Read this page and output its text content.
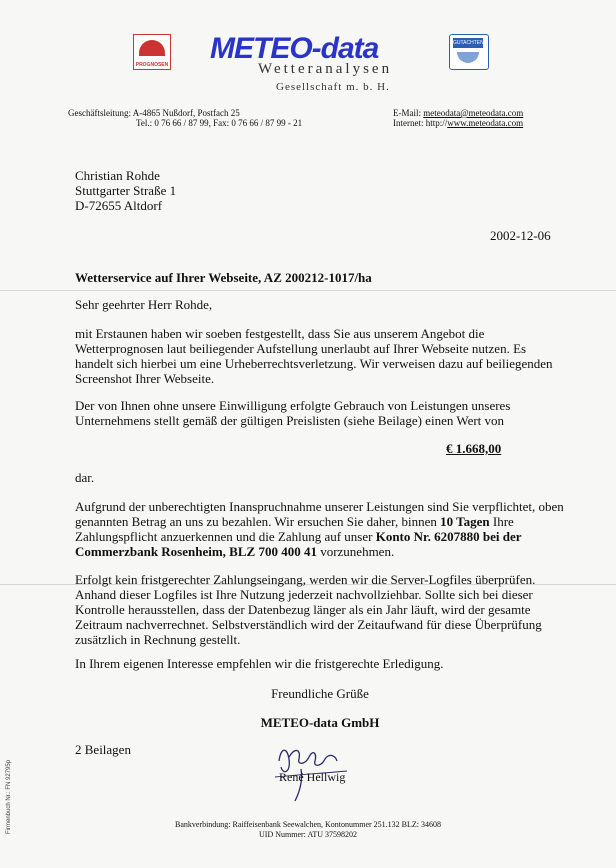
PROGNOSEN METEO-data
Wetteranalysen
Gesellschaft m. b. H.
GUTACHTEN
Geschäftsleitung: A-4865 Nußdorf, Postfach 25
Tel.: 0 76 66 / 87 99, Fax: 0 76 66 / 87 99 - 21
E-Mail: meteodata@meteodata.com
Internet: http://www.meteodata.com
Christian Rohde
Stuttgarter Straße 1
D-72655 Altdorf
2002-12-06
Wetterservice auf Ihrer Webseite, AZ 200212-1017/ha
Sehr geehrter Herr Rohde,
mit Erstaunen haben wir soeben festgestellt, dass Sie aus unserem Angebot die Wetterprognosen laut beiliegender Aufstellung unerlaubt auf Ihrer Webseite nutzen. Es handelt sich hierbei um eine Urheberrechtsverletzung. Wir verweisen dazu auf beiliegenden Screenshot Ihrer Webseite.
Der von Ihnen ohne unsere Einwilligung erfolgte Gebrauch von Leistungen unseres Unternehmens stellt gemäß der gültigen Preislisten (siehe Beilage) einen Wert von
€ 1.668,00
dar.
Aufgrund der unberechtigten Inanspruchnahme unserer Leistungen sind Sie verpflichtet, oben genannten Betrag an uns zu bezahlen. Wir ersuchen Sie daher, binnen 10 Tagen Ihre Zahlungspflicht anzuerkennen und die Zahlung auf unser Konto Nr. 6207880 bei der Commerzbank Rosenheim, BLZ 700 400 41 vorzunehmen.
Erfolgt kein fristgerechter Zahlungseingang, werden wir die Server-Logfiles überprüfen. Anhand dieser Logfiles ist Ihre Nutzung jederzeit nachvollziehbar. Sollte sich bei dieser Kontrolle herausstellen, dass der Datenbezug länger als ein Jahr läuft, wird der gesamte Zeitraum nachverrechnet. Selbstverständlich wird der Zeitaufwand für diese Überprüfung zusätzlich in Rechnung gestellt.
In Ihrem eigenen Interesse empfehlen wir die fristgerechte Erledigung.
Freundliche Grüße
METEO-data GmbH
2 Beilagen
René Hellwig
Bankverbindung: Raiffeisenbank Seewalchen, Kontonummer 251.132 BLZ: 34608
UID Nummer: ATU 37598202
Firmenbuch Nr.: FN 92795p
